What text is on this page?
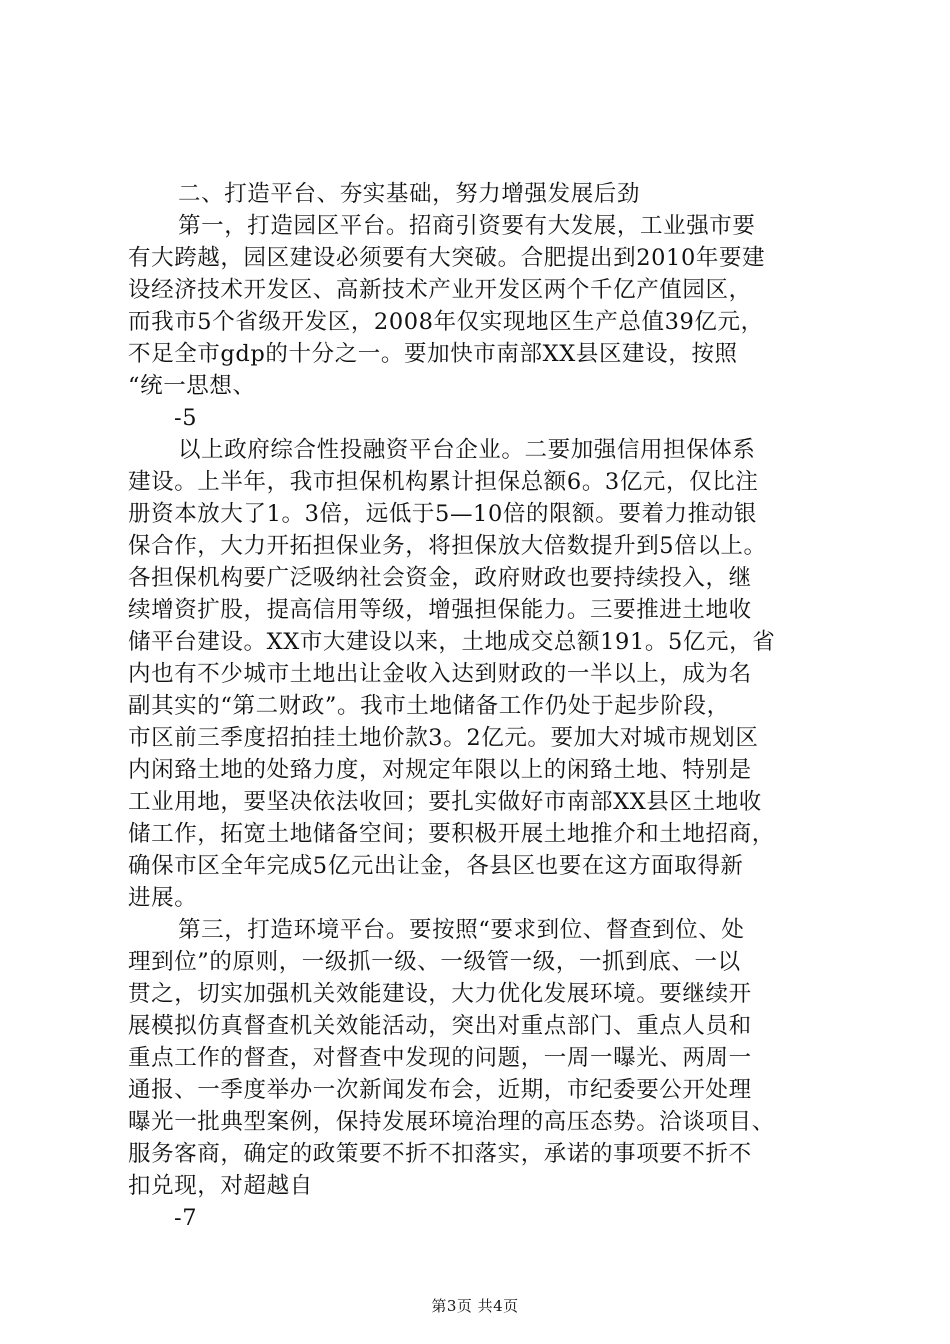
二、打造平台、夯实基础，努力增强发展后劲
第一，打造园区平台。招商引资要有大发展，工业强市要
有大跨越，园区建设必须要有大突破。合肥提出到2010年要建
设经济技术开发区、高新技术产业开发区两个千亿产值园区，
而我市5个省级开发区，2008年仅实现地区生产总值39亿元，
不足全市gdp的十分之一。要加快市南部XX县区建设，按照
“统一思想、
-5
以上政府综合性投融资平台企业。二要加强信用担保体系
建设。上半年，我市担保机构累计担保总额6。3亿元，仅比注
册资本放大了1。3倍，远低于5—10倍的限额。要着力推动银
保合作，大力开拓担保业务，将担保放大倍数提升到5倍以上。
各担保机构要广泛吸纳社会资金，政府财政也要持续投入，继
续增资扩股，提高信用等级，增强担保能力。三要推进土地收
储平台建设。XX市大建设以来，土地成交总额191。5亿元，省
内也有不少城市土地出让金收入达到财政的一半以上，成为名
副其实的“第二财政”。我市土地储备工作仍处于起步阶段，
市区前三季度招拍挂土地价款3。2亿元。要加大对城市规划区
内闲臵土地的处臵力度，对规定年限以上的闲臵土地、特别是
工业用地，要坚决依法收回；要扎实做好市南部XX县区土地收
储工作，拓宽土地储备空间；要积极开展土地推介和土地招商，
确保市区全年完成5亿元出让金，各县区也要在这方面取得新
进展。
第三，打造环境平台。要按照“要求到位、督查到位、处
理到位”的原则，一级抓一级、一级管一级，一抓到底、一以
贯之，切实加强机关效能建设，大力优化发展环境。要继续开
展模拟仿真督查机关效能活动，突出对重点部门、重点人员和
重点工作的督查，对督查中发现的问题，一周一曝光、两周一
通报、一季度举办一次新闻发布会，近期，市纪委要公开处理
曝光一批典型案例，保持发展环境治理的高压态势。洽谈项目、
服务客商，确定的政策要不折不扣落实，承诺的事项要不折不
扣兑现，对超越自
-7
第3页 共4页
